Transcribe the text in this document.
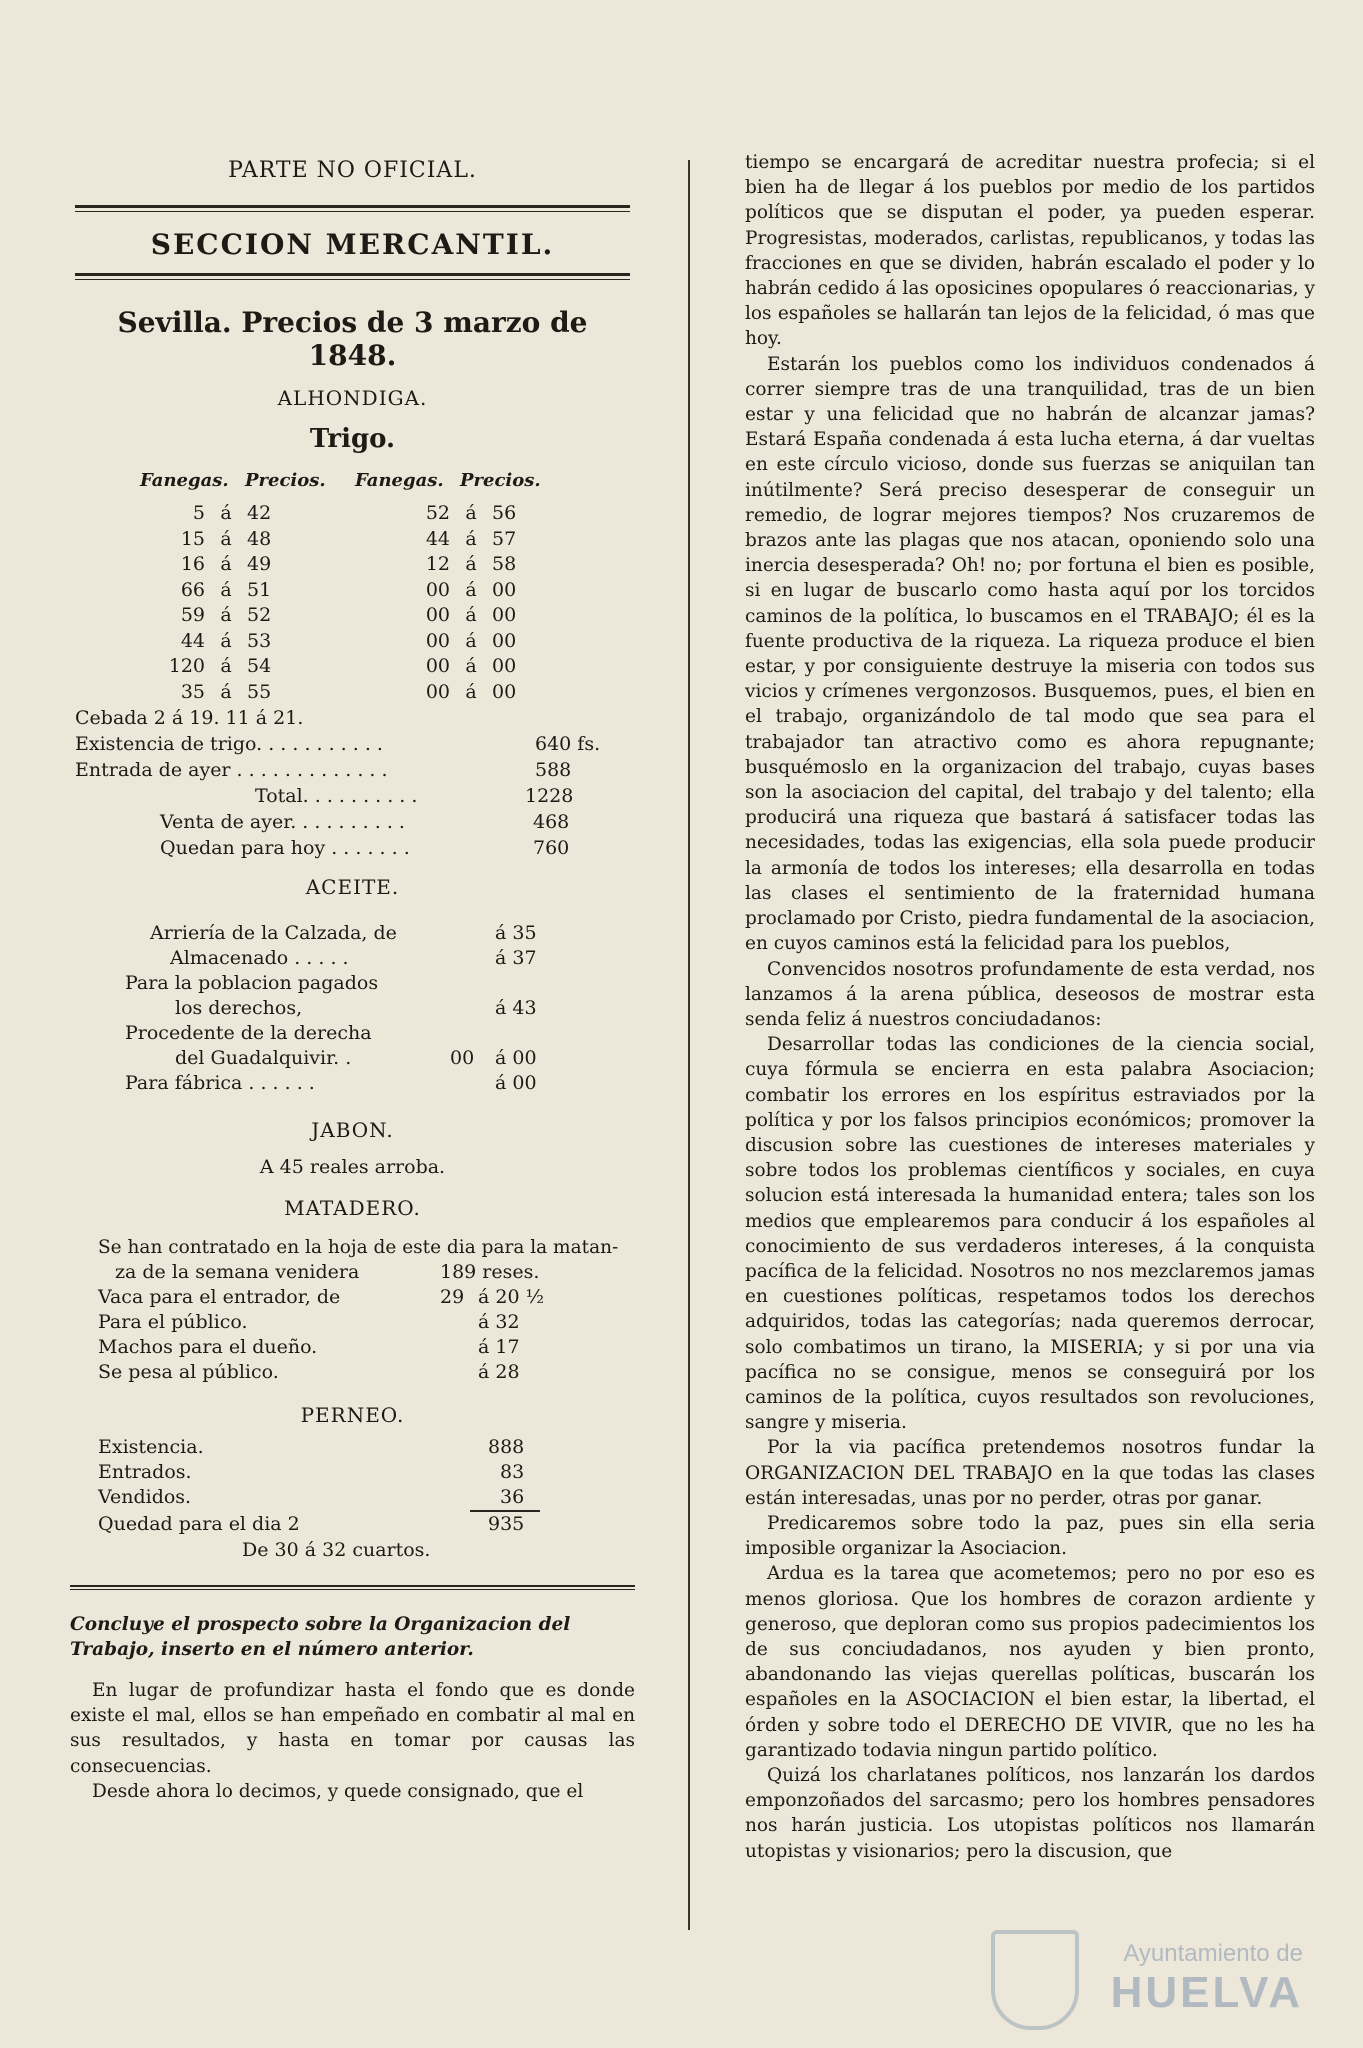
PARTE NO OFICIAL.
SECCION MERCANTIL.
Sevilla. Precios de 3 marzo de 1848.
ALHONDIGA.
Trigo.
Fanegas. Precios.	Fanegas. Precios.
5 á 42	52 á 56
15 á 48	44 á 57
16 á 49	12 á 58
66 á 51	00 á 00
59 á 52	00 á 00
44 á 53	00 á 00
120 á 54	00 á 00
35 á 55	00 á 00
Cebada 2 á 19. 11 á 21.
Existencia de trigo. . . . . . . . . . .	640 fs.
Entrada de ayer . . . . . . . . . . . . .	588
Total. . . . . . . . . .	1228
Venta de ayer. . . . . . . . . .	468
Quedan para hoy . . . . . . .	760
ACEITE.
Arriería de la Calzada, de	á 35
Almacenado . . . . .	á 37
Para la poblacion pagados
los derechos,	á 43
Procedente de la derecha
del Guadalquivir. .	00 á 00
Para fábrica . . . . . .	á 00
JABON.
A 45 reales arroba.
MATADERO.
Se han contratado en la hoja de este dia para la matan-
za de la semana venidera	189 reses.
Vaca para el entrador, de	29 á 20 ½
Para el público.	á 32
Machos para el dueño.	á 17
Se pesa al público.	á 28
PERNEO.
Existencia.	888
Entrados.	83
Vendidos.	36
Quedad para el dia 2	935
De 30 á 32 cuartos.
Concluye el prospecto sobre la Organizacion del Trabajo, inserto en el número anterior.

En lugar de profundizar hasta el fondo que es donde existe el mal, ellos se han empeñado en combatir al mal en sus resultados, y hasta en tomar por causas las consecuencias.

Desde ahora lo decimos, y quede consignado, que el

tiempo se encargará de acreditar nuestra profecia; si el bien ha de llegar á los pueblos por medio de los partidos políticos que se disputan el poder, ya pueden esperar. Progresistas, moderados, carlistas, republicanos, y todas las fracciones en que se dividen, habrán escalado el poder y lo habrán cedido á las oposicines opopulares ó reaccionarias, y los españoles se hallarán tan lejos de la felicidad, ó mas que hoy.

Estarán los pueblos como los individuos condenados á correr siempre tras de una tranquilidad, tras de un bien estar y una felicidad que no habrán de alcanzar jamas? Estará España condenada á esta lucha eterna, á dar vueltas en este círculo vicioso, donde sus fuerzas se aniquilan tan inútilmente? Será preciso desesperar de conseguir un remedio, de lograr mejores tiempos? Nos cruzaremos de brazos ante las plagas que nos atacan, oponiendo solo una inercia desesperada? Oh! no; por fortuna el bien es posible, si en lugar de buscarlo como hasta aquí por los torcidos caminos de la política, lo buscamos en el TRABAJO; él es la fuente productiva de la riqueza. La riqueza produce el bien estar, y por consiguiente destruye la miseria con todos sus vicios y crímenes vergonzosos. Busquemos, pues, el bien en el trabajo, organizándolo de tal modo que sea para el trabajador tan atractivo como es ahora repugnante; busquémoslo en la organizacion del trabajo, cuyas bases son la asociacion del capital, del trabajo y del talento; ella producirá una riqueza que bastará á satisfacer todas las necesidades, todas las exigencias, ella sola puede producir la armonía de todos los intereses; ella desarrolla en todas las clases el sentimiento de la fraternidad humana proclamado por Cristo, piedra fundamental de la asociacion, en cuyos caminos está la felicidad para los pueblos,

Convencidos nosotros profundamente de esta verdad, nos lanzamos á la arena pública, deseosos de mostrar esta senda feliz á nuestros conciudadanos:

Desarrollar todas las condiciones de la ciencia social, cuya fórmula se encierra en esta palabra Asociacion; combatir los errores en los espíritus estraviados por la política y por los falsos principios económicos; promover la discusion sobre las cuestiones de intereses materiales y sobre todos los problemas científicos y sociales, en cuya solucion está interesada la humanidad entera; tales son los medios que emplearemos para conducir á los españoles al conocimiento de sus verdaderos intereses, á la conquista pacífica de la felicidad. Nosotros no nos mezclaremos jamas en cuestiones políticas, respetamos todos los derechos adquiridos, todas las categorías; nada queremos derrocar, solo combatimos un tirano, la MISERIA; y si por una via pacífica no se consigue, menos se conseguirá por los caminos de la política, cuyos resultados son revoluciones, sangre y miseria.

Por la via pacífica pretendemos nosotros fundar la ORGANIZACION DEL TRABAJO en la que todas las clases están interesadas, unas por no perder, otras por ganar.

Predicaremos sobre todo la paz, pues sin ella seria imposible organizar la Asociacion.

Ardua es la tarea que acometemos; pero no por eso es menos gloriosa. Que los hombres de corazon ardiente y generoso, que deploran como sus propios padecimientos los de sus conciudadanos, nos ayuden y bien pronto, abandonando las viejas querellas políticas, buscarán los españoles en la ASOCIACION el bien estar, la libertad, el órden y sobre todo el DERECHO DE VIVIR, que no les ha garantizado todavia ningun partido político.

Quizá los charlatanes políticos, nos lanzarán los dardos emponzoñados del sarcasmo; pero los hombres pensadores nos harán justicia. Los utopistas políticos nos llamarán utopistas y visionarios; pero la discusion, que

Ayuntamiento de
HUELVA
